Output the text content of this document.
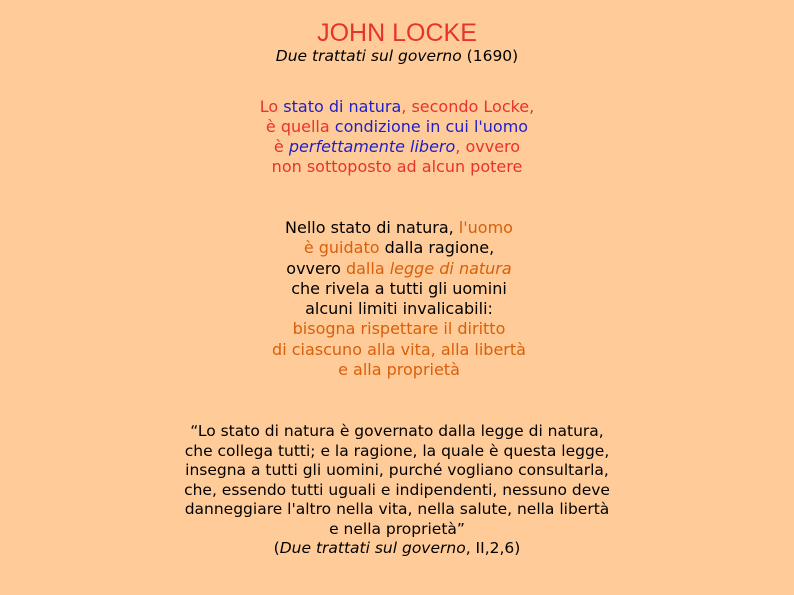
JOHN LOCKE
Due trattati sul governo (1690)
Lo stato di natura, secondo Locke,
è quella condizione in cui l'uomo
è perfettamente libero, ovvero
non sottoposto ad alcun potere
Nello stato di natura, l'uomo
è guidato dalla ragione,
ovvero dalla legge di natura
che rivela a tutti gli uomini
alcuni limiti invalicabili:
bisogna rispettare il diritto
di ciascuno alla vita, alla libertà
e alla proprietà
“Lo stato di natura è governato dalla legge di natura,
che collega tutti; e la ragione, la quale è questa legge,
insegna a tutti gli uomini, purché vogliano consultarla,
che, essendo tutti uguali e indipendenti, nessuno deve
danneggiare l'altro nella vita, nella salute, nella libertà
e nella proprietà”
(Due trattati sul governo, II,2,6)
